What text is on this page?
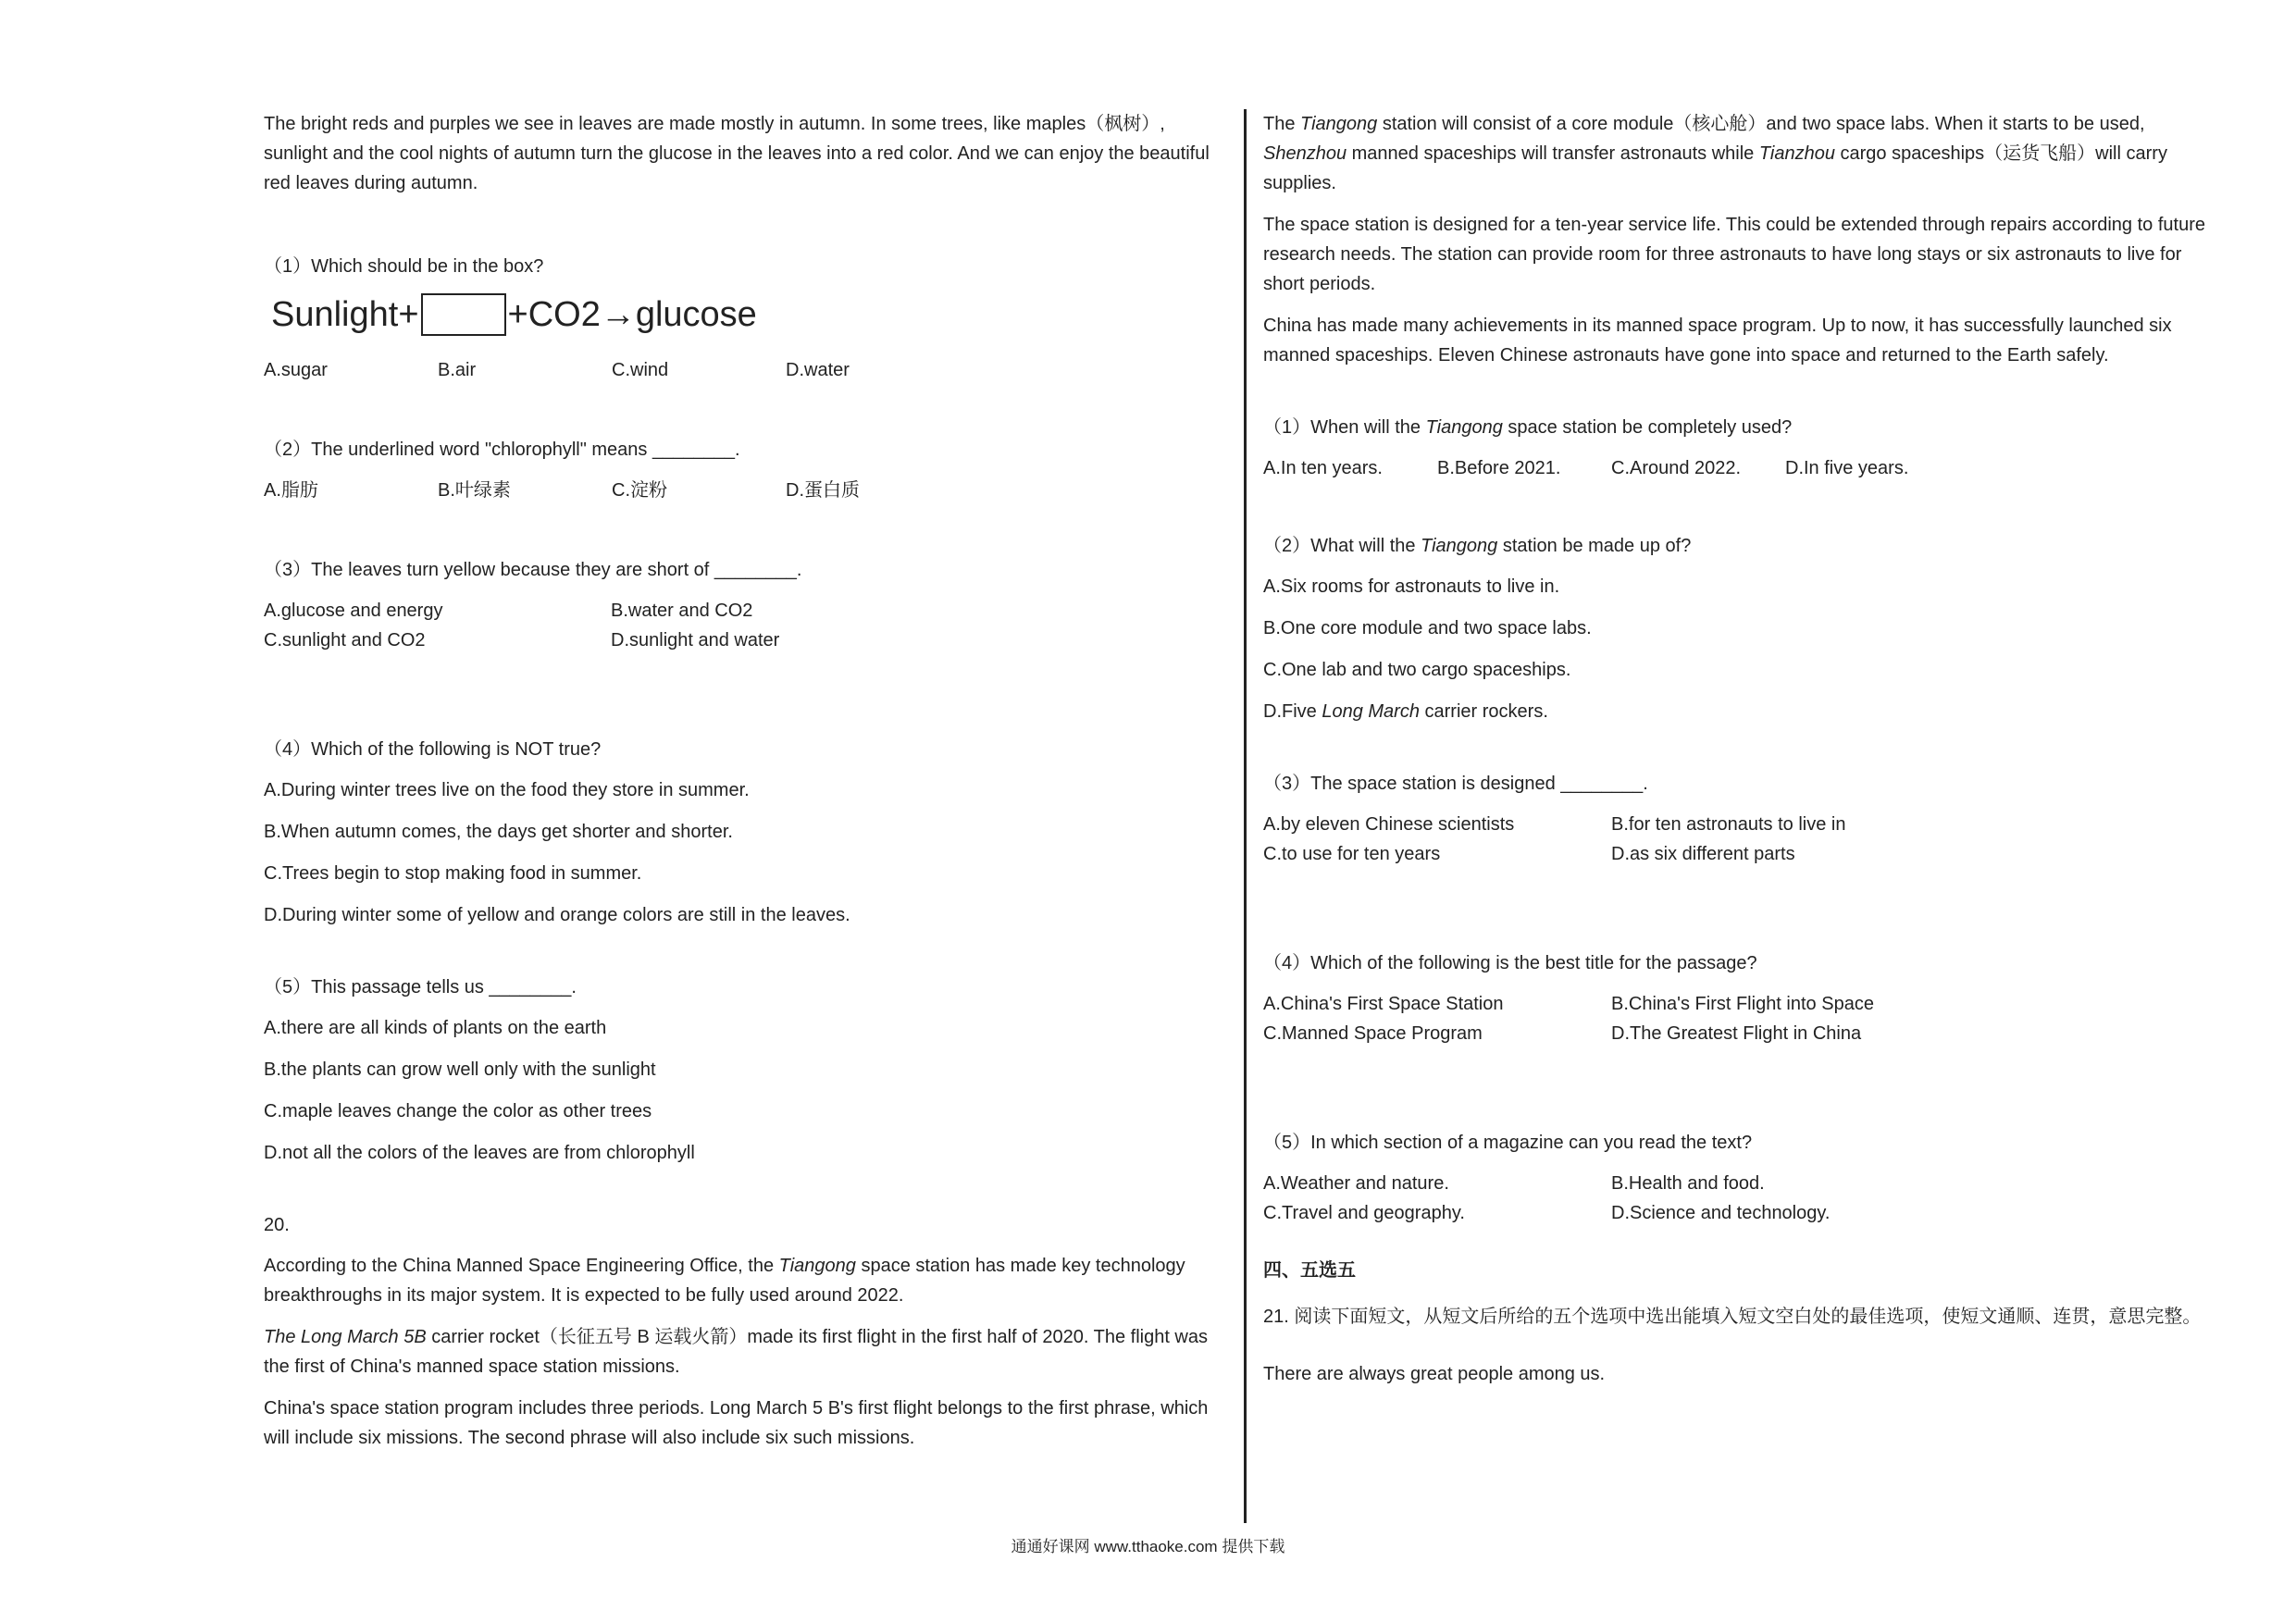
The bright reds and purples we see in leaves are made mostly in autumn. In some trees, like maples（枫树）, sunlight and the cool nights of autumn turn the glucose in the leaves into a red color. And we can enjoy the beautiful red leaves during autumn.

（1）Which should be in the box?

Sunlight+	+CO2→glucose
A.sugar	B.air	C.wind	D.water

（2）The underlined word "chlorophyll" means ________.

A.脂肪	B.叶绿素	C.淀粉	D.蛋白质

（3）The leaves turn yellow because they are short of ________.

A.glucose and energy	B.water and CO2
C.sunlight and CO2	D.sunlight and water

（4）Which of the following is NOT true?

A.During winter trees live on the food they store in summer.

B.When autumn comes, the days get shorter and shorter.

C.Trees begin to stop making food in summer.

D.During winter some of yellow and orange colors are still in the leaves.

（5）This passage tells us ________.

A.there are all kinds of plants on the earth

B.the plants can grow well only with the sunlight

C.maple leaves change the color as other trees

D.not all the colors of the leaves are from chlorophyll

20.

According to the China Manned Space Engineering Office, the Tiangong space station has made key technology breakthroughs in its major system. It is expected to be fully used around 2022.

The Long March 5B carrier rocket（长征五号 B 运载火箭）made its first flight in the first half of 2020. The flight was the first of China's manned space station missions.

China's space station program includes three periods. Long March 5 B's first flight belongs to the first phrase, which will include six missions. The second phrase will also include six such missions.

The Tiangong station will consist of a core module（核心舱）and two space labs. When it starts to be used, Shenzhou manned spaceships will transfer astronauts while Tianzhou cargo spaceships（运货飞船）will carry supplies.

The space station is designed for a ten-year service life. This could be extended through repairs according to future research needs. The station can provide room for three astronauts to have long stays or six astronauts to live for short periods.

China has made many achievements in its manned space program. Up to now, it has successfully launched six manned spaceships. Eleven Chinese astronauts have gone into space and returned to the Earth safely.

（1）When will the Tiangong space station be completely used?

A.In ten years.	B.Before 2021.	C.Around 2022.	D.In five years.

（2）What will the Tiangong station be made up of?

A.Six rooms for astronauts to live in.

B.One core module and two space labs.

C.One lab and two cargo spaceships.

D.Five Long March carrier rockers.

（3）The space station is designed ________.

A.by eleven Chinese scientists	B.for ten astronauts to live in
C.to use for ten years	D.as six different parts

（4）Which of the following is the best title for the passage?

A.China's First Space Station	B.China's First Flight into Space
C.Manned Space Program	D.The Greatest Flight in China

（5）In which section of a magazine can you read the text?

A.Weather and nature.	B.Health and food.
C.Travel and geography.	D.Science and technology.

四、五选五

21. 阅读下面短文，从短文后所给的五个选项中选出能填入短文空白处的最佳选项，使短文通顺、连贯，意思完整。

There are always great people among us.

通通好课网 www.tthaoke.com 提供下载
